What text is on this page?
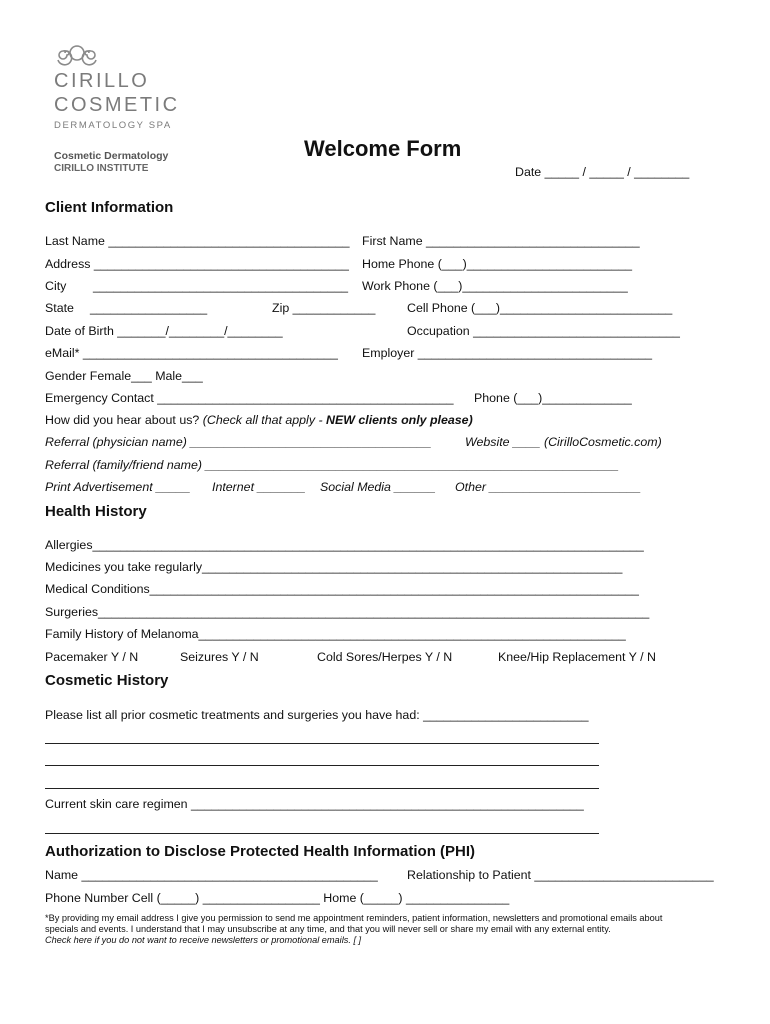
CIRILLO
COSMETIC
DERMATOLOGY SPA
Cosmetic Dermatology
CIRILLO INSTITUTE
Welcome Form
Date _____ / _____ / ________
Client Information
Last Name ___________________________________ First Name _______________________________
Address _____________________________________ Home Phone (___)________________________
City _____________________________________ Work Phone (___)________________________
State _________________	Zip ____________	Cell Phone (___)_________________________
Date of Birth _______/________/________	Occupation ______________________________
eMail* _____________________________________ Employer __________________________________
Gender Female___ Male___
Emergency Contact ___________________________________________ Phone (___)_____________
How did you hear about us? (Check all that apply - NEW clients only please)
Referral (physician name) ___________________________________	Website ____ (CirilloCosmetic.com)
Referral (family/friend name) ____________________________________________________________
Print Advertisement _____ Internet _______ Social Media ______ Other ______________________
Health History
Allergies________________________________________________________________________________
Medicines you take regularly_____________________________________________________________
Medical Conditions_______________________________________________________________________
Surgeries________________________________________________________________________________
Family History of Melanoma______________________________________________________________
Pacemaker Y / N	Seizures Y / N	Cold Sores/Herpes Y / N	Knee/Hip Replacement Y / N
Cosmetic History
Please list all prior cosmetic treatments and surgeries you have had: ________________________
Current skin care regimen _________________________________________________________
Authorization to Disclose Protected Health Information (PHI)
Name ___________________________________________ Relationship to Patient __________________________
Phone Number Cell (_____) _________________ Home (_____) _______________
*By providing my email address I give you permission to send me appointment reminders, patient information, newsletters and promotional emails about
specials and events. I understand that I may unsubscribe at any time, and that you will never sell or share my email with any external entity.
Check here if you do not want to receive newsletters or promotional emails. [ ]
